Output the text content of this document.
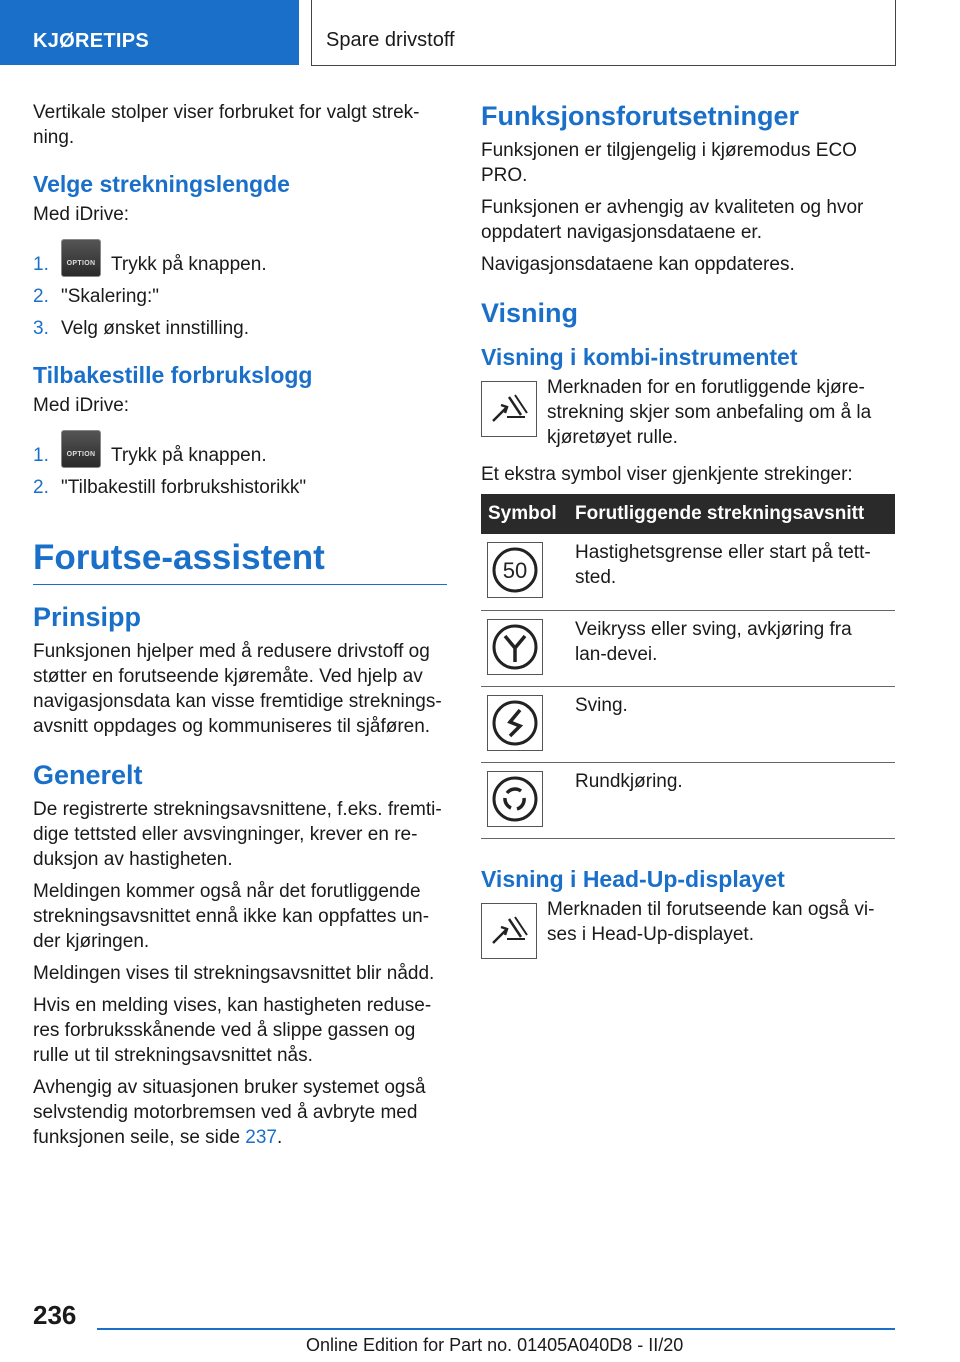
KJØRETIPS	Spare drivstoff

Vertikale stolper viser forbruket for valgt strek-ning.

Velge strekningslengde

Med iDrive:

1.	OPTION Trykk på knappen.
2. "Skalering:"
3. Velg ønsket innstilling.
Tilbakestille forbrukslogg

Med iDrive:

1.	OPTION Trykk på knappen.
2. "Tilbakestill forbrukshistorikk"
Forutse-assistent
Prinsipp

Funksjonen hjelper med å redusere drivstoff og støtter en forutseende kjøremåte. Ved hjelp av navigasjonsdata kan visse fremtidige streknings-avsnitt oppdages og kommuniseres til sjåføren.

Generelt

De registrerte strekningsavsnittene, f.eks. fremti-dige tettsted eller avsvingninger, krever en re-duksjon av hastigheten.

Meldingen kommer også når det forutliggende strekningsavsnittet ennå ikke kan oppfattes un-der kjøringen.

Meldingen vises til strekningsavsnittet blir nådd.

Hvis en melding vises, kan hastigheten reduse-res forbruksskånende ved å slippe gassen og rulle ut til strekningsavsnittet nås.

Avhengig av situasjonen bruker systemet også selvstendig motorbremsen ved å avbryte med funksjonen seile, se side 237.

Funksjonsforutsetninger

Funksjonen er tilgjengelig i kjøremodus ECO PRO.

Funksjonen er avhengig av kvaliteten og hvor oppdatert navigasjonsdataene er.

Navigasjonsdataene kan oppdateres.

Visning
Visning i kombi-instrumentet

Merknaden for en forutliggende kjøre-strekning skjer som anbefaling om å la kjøretøyet rulle.

Et ekstra symbol viser gjenkjente strekinger:

Symbol	Forutliggende strekningsavsnitt

50	Hastighetsgrense eller start på tett-sted.

	Veikryss eller sving, avkjøring fra lan-devei.

	Sving.

	Rundkjøring.
Visning i Head-Up-displayet

Merknaden til forutseende kan også vi-ses i Head-Up-displayet.

236
Online Edition for Part no. 01405A040D8 - II/20
